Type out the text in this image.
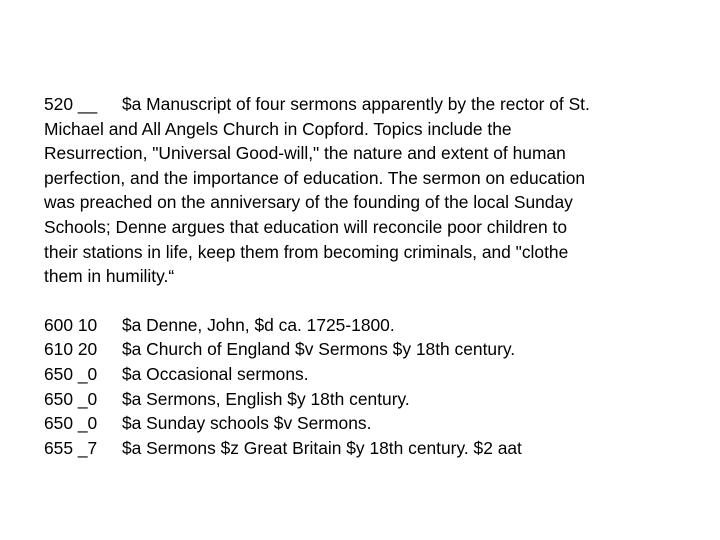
520 __ $a Manuscript of four sermons apparently by the rector of St.
Michael and All Angels Church in Copford. Topics include the
Resurrection, "Universal Good-will," the nature and extent of human
perfection, and the importance of education. The sermon on education
was preached on the anniversary of the founding of the local Sunday
Schools; Denne argues that education will reconcile poor children to
their stations in life, keep them from becoming criminals, and "clothe
them in humility.“
600 10	$a Denne, John, $d ca. 1725-1800.
610 20	$a Church of England $v Sermons $y 18th century.
650 _0	$a Occasional sermons.
650 _0	$a Sermons, English $y 18th century.
650 _0	$a Sunday schools $v Sermons.
655 _7	$a Sermons $z Great Britain $y 18th century. $2 aat
